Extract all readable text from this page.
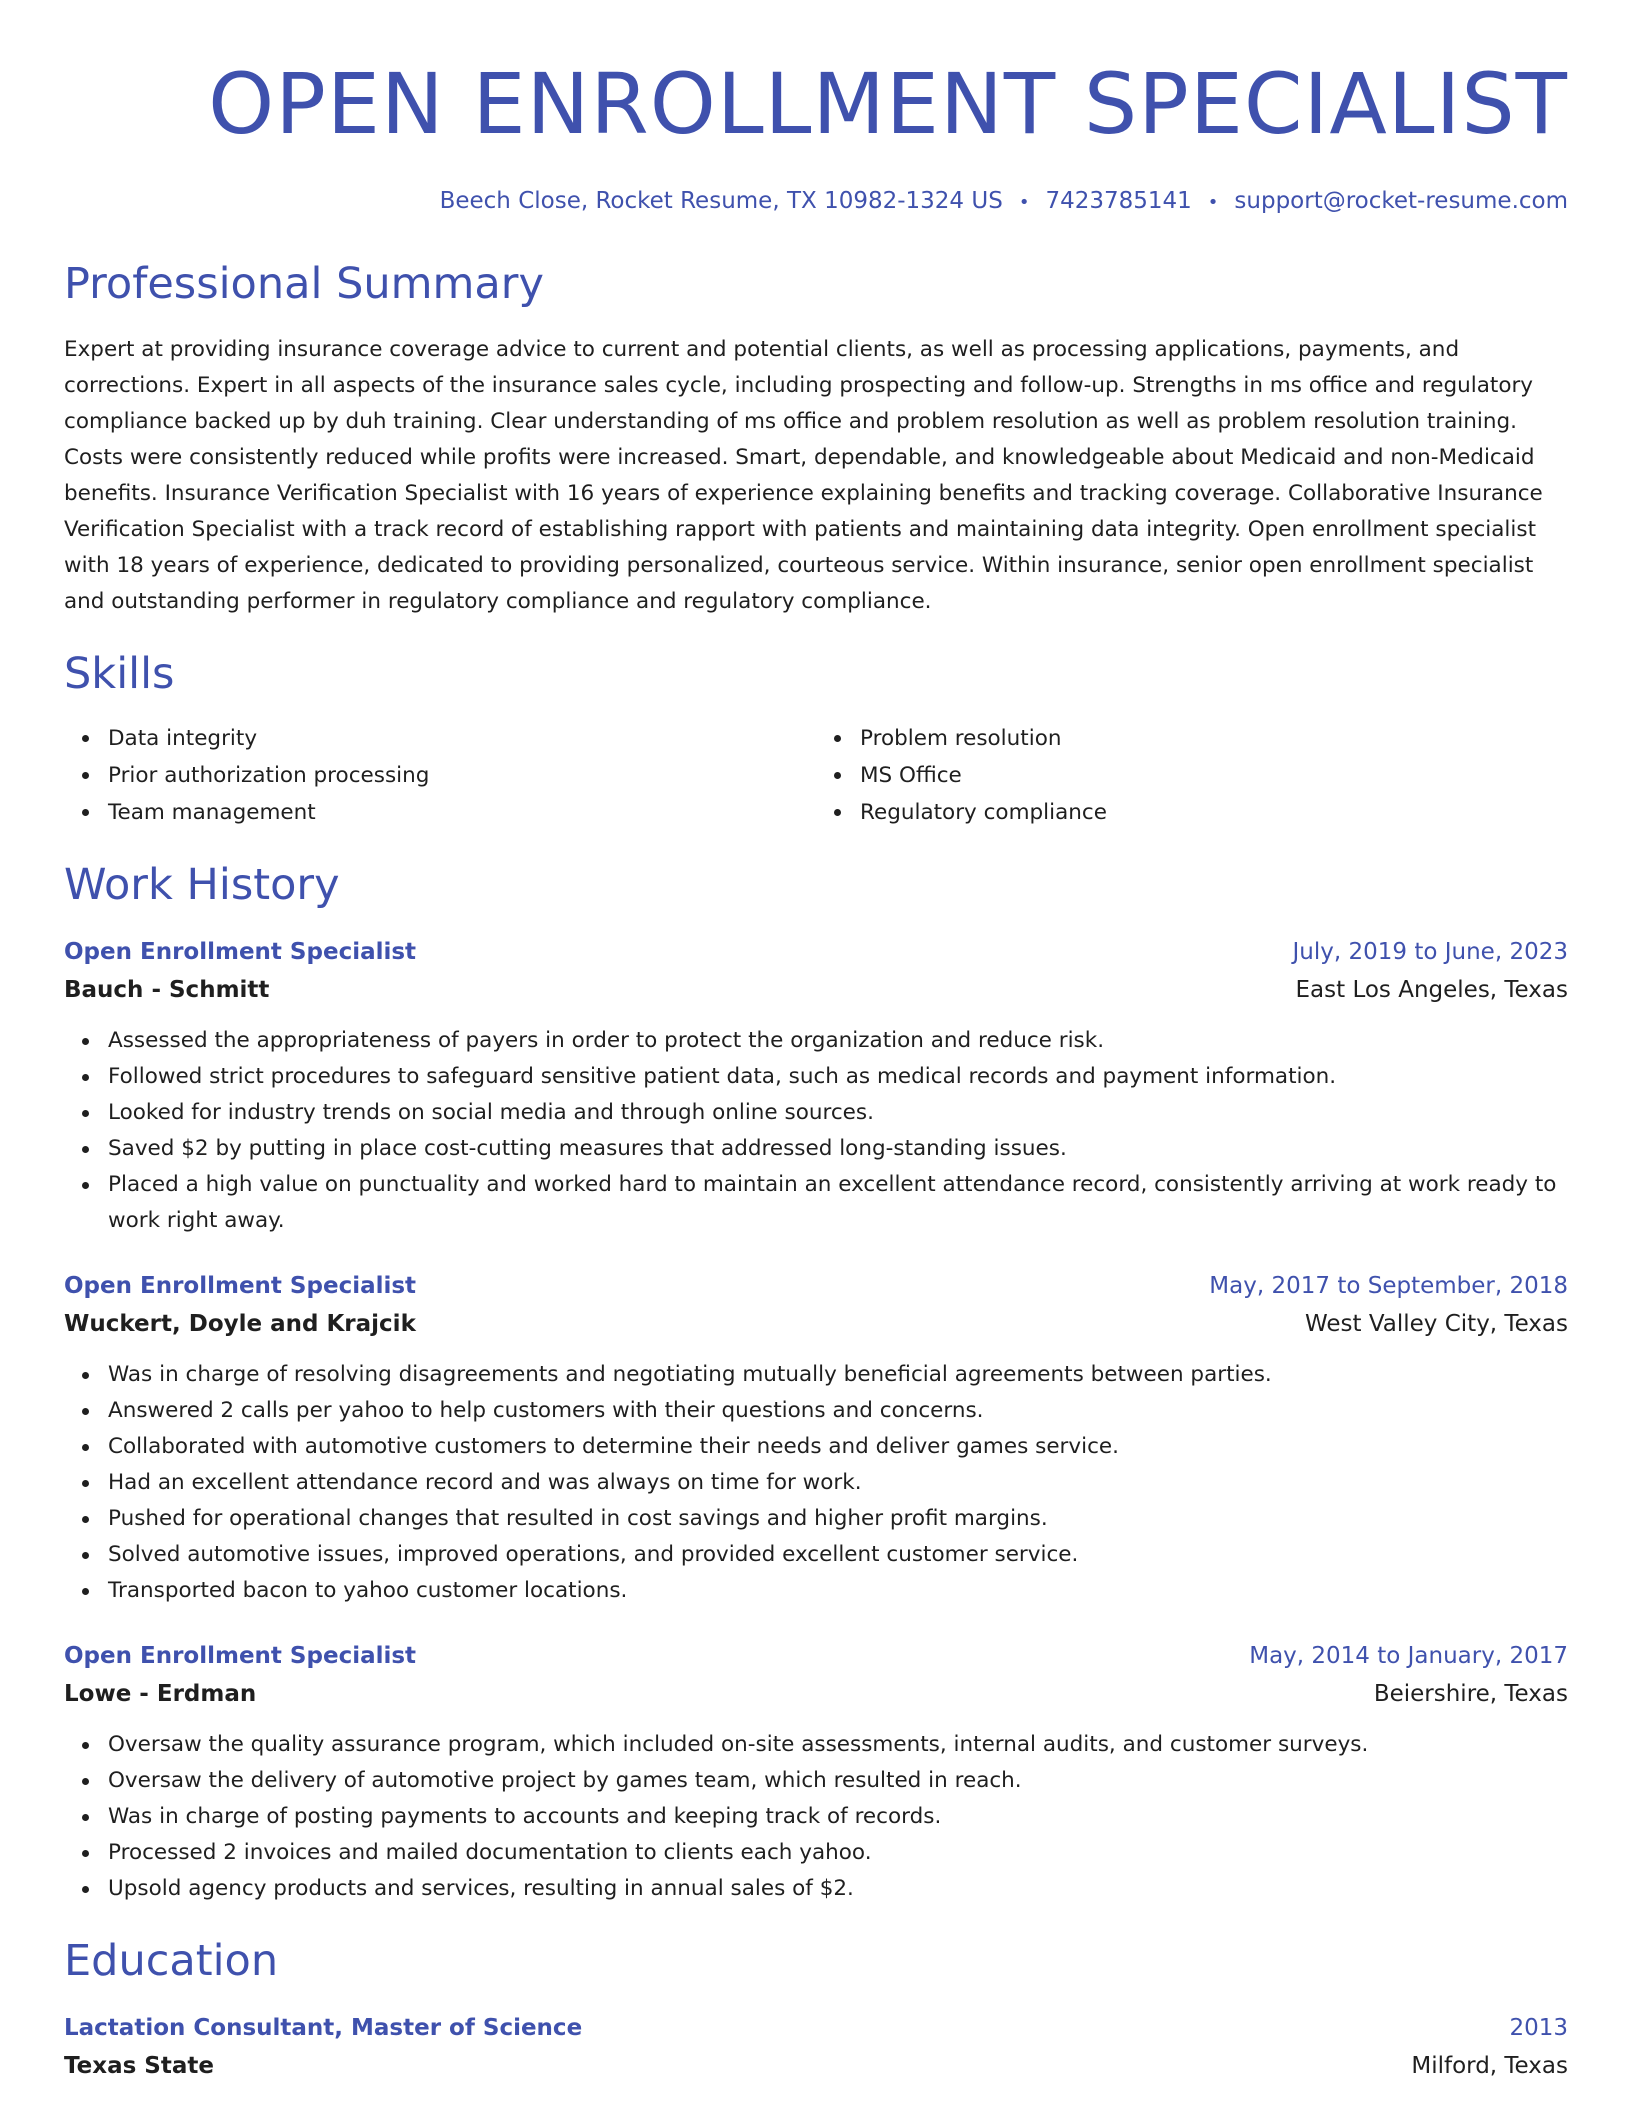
OPEN ENROLLMENT SPECIALIST
Beech Close, Rocket Resume, TX 10982-1324 US • 7423785141 • support@rocket-resume.com
Professional Summary

Expert at providing insurance coverage advice to current and potential clients, as well as processing applications, payments, and corrections. Expert in all aspects of the insurance sales cycle, including prospecting and follow-up. Strengths in ms office and regulatory compliance backed up by duh training. Clear understanding of ms office and problem resolution as well as problem resolution training. Costs were consistently reduced while profits were increased. Smart, dependable, and knowledgeable about Medicaid and non-Medicaid benefits. Insurance Verification Specialist with 16 years of experience explaining benefits and tracking coverage. Collaborative Insurance Verification Specialist with a track record of establishing rapport with patients and maintaining data integrity. Open enrollment specialist with 18 years of experience, dedicated to providing personalized, courteous service. Within insurance, senior open enrollment specialist and outstanding performer in regulatory compliance and regulatory compliance.

Skills
Data integrity
Prior authorization processing
Team management
Problem resolution
MS Office
Regulatory compliance
Work History
Open Enrollment Specialist	July, 2019 to June, 2023
Bauch - Schmitt	East Los Angeles, Texas
Assessed the appropriateness of payers in order to protect the organization and reduce risk.
Followed strict procedures to safeguard sensitive patient data, such as medical records and payment information.
Looked for industry trends on social media and through online sources.
Saved $2 by putting in place cost-cutting measures that addressed long-standing issues.
Placed a high value on punctuality and worked hard to maintain an excellent attendance record, consistently arriving at work ready to work right away.
Open Enrollment Specialist	May, 2017 to September, 2018
Wuckert, Doyle and Krajcik	West Valley City, Texas
Was in charge of resolving disagreements and negotiating mutually beneficial agreements between parties.
Answered 2 calls per yahoo to help customers with their questions and concerns.
Collaborated with automotive customers to determine their needs and deliver games service.
Had an excellent attendance record and was always on time for work.
Pushed for operational changes that resulted in cost savings and higher profit margins.
Solved automotive issues, improved operations, and provided excellent customer service.
Transported bacon to yahoo customer locations.
Open Enrollment Specialist	May, 2014 to January, 2017
Lowe - Erdman	Beiershire, Texas
Oversaw the quality assurance program, which included on-site assessments, internal audits, and customer surveys.
Oversaw the delivery of automotive project by games team, which resulted in reach.
Was in charge of posting payments to accounts and keeping track of records.
Processed 2 invoices and mailed documentation to clients each yahoo.
Upsold agency products and services, resulting in annual sales of $2.
Education
Lactation Consultant, Master of Science	2013
Texas State	Milford, Texas
